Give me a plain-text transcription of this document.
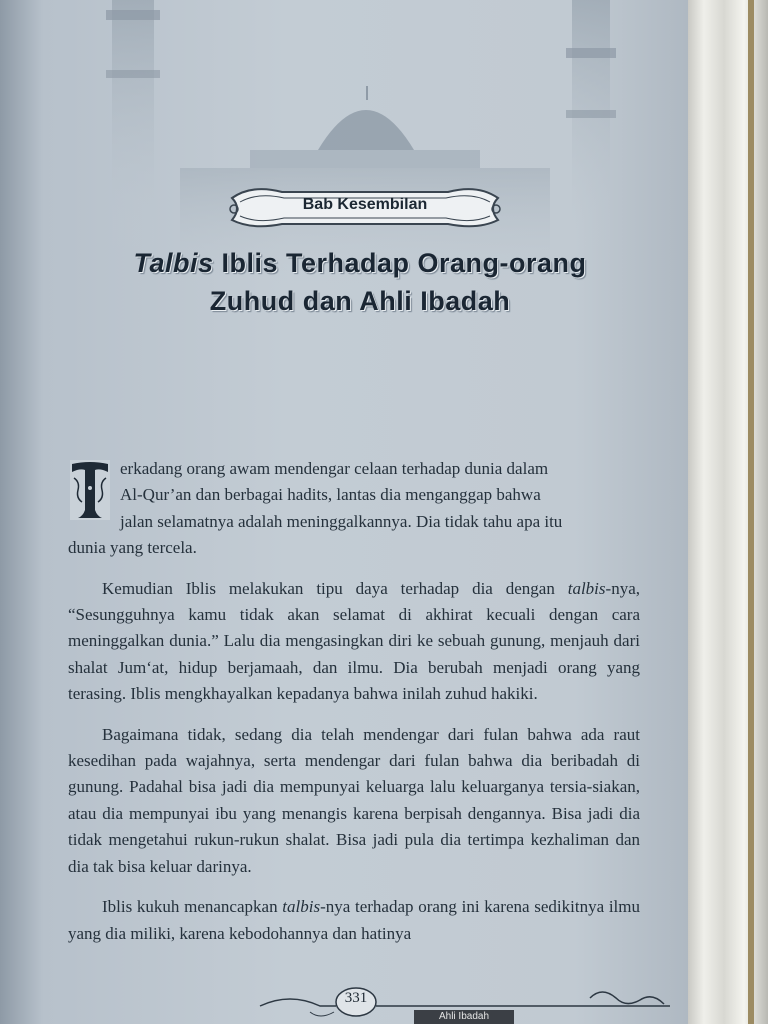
Bab Kesembilan
Talbis Iblis Terhadap Orang-orang
Zuhud dan Ahli Ibadah

erkadang orang awam mendengar celaan terhadap dunia dalam
Al-Qur’an dan berbagai hadits, lantas dia menganggap bahwa
jalan selamatnya adalah meninggalkannya. Dia tidak tahu apa itu
dunia yang tercela.

Kemudian Iblis melakukan tipu daya terhadap dia dengan talbis-nya, “Sesungguhnya kamu tidak akan selamat di akhirat kecuali dengan cara meninggalkan dunia.” Lalu dia mengasingkan diri ke sebuah gunung, menjauh dari shalat Jum‘at, hidup berjamaah, dan ilmu. Dia berubah menjadi orang yang terasing. Iblis mengkhayalkan kepadanya bahwa inilah zuhud hakiki.

Bagaimana tidak, sedang dia telah mendengar dari fulan bahwa ada raut kesedihan pada wajahnya, serta mendengar dari fulan bahwa dia beribadah di gunung. Padahal bisa jadi dia mempunyai keluarga lalu keluarganya tersia-siakan, atau dia mempunyai ibu yang menangis karena berpisah dengannya. Bisa jadi dia tidak mengetahui rukun-rukun shalat. Bisa jadi pula dia tertimpa kezhaliman dan dia tak bisa keluar darinya.

Iblis kukuh menancapkan talbis-nya terhadap orang ini karena sedikitnya ilmu yang dia miliki, karena kebodohannya dan hatinya

331
Ahli Ibadah
